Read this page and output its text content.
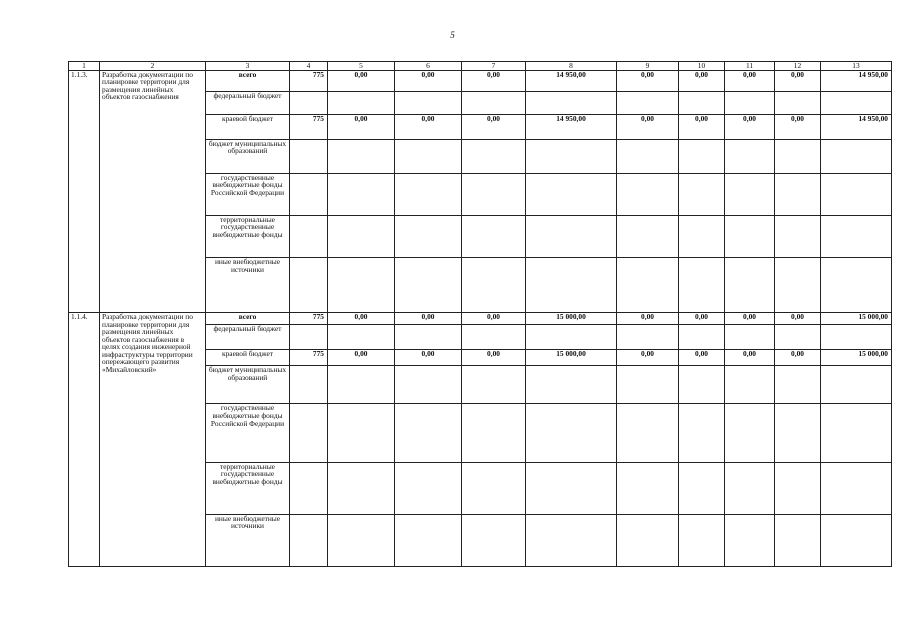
5
1	2	3	4	5	6	7	8	9	10	11	12	13
1.1.3.	Разработка документации по планировке территории для размещения линейных объектов газоснабжения	всего	775	0,00	0,00	0,00	14 950,00	0,00	0,00	0,00	0,00	14 950,00
		федеральный бюджет										
		краевой бюджет	775	0,00	0,00	0,00	14 950,00	0,00	0,00	0,00	0,00	14 950,00
		бюджет муниципальных образований										
		государственные внебюджетные фонды Российской Федерации										
		территориальные государственные внебюджетные фонды										
		иные внебюджетные источники										
1.1.4.	Разработка документации по планировке территории для размещения линейных объектов газоснабжения в целях создания инженерной инфраструктуры территории опережающего развития «Михайловский»	всего	775	0,00	0,00	0,00	15 000,00	0,00	0,00	0,00	0,00	15 000,00
		федеральный бюджет										
		краевой бюджет	775	0,00	0,00	0,00	15 000,00	0,00	0,00	0,00	0,00	15 000,00
		бюджет муниципальных образований										
		государственные внебюджетные фонды Российской Федерации										
		территориальные государственные внебюджетные фонды										
		иные внебюджетные источники										
